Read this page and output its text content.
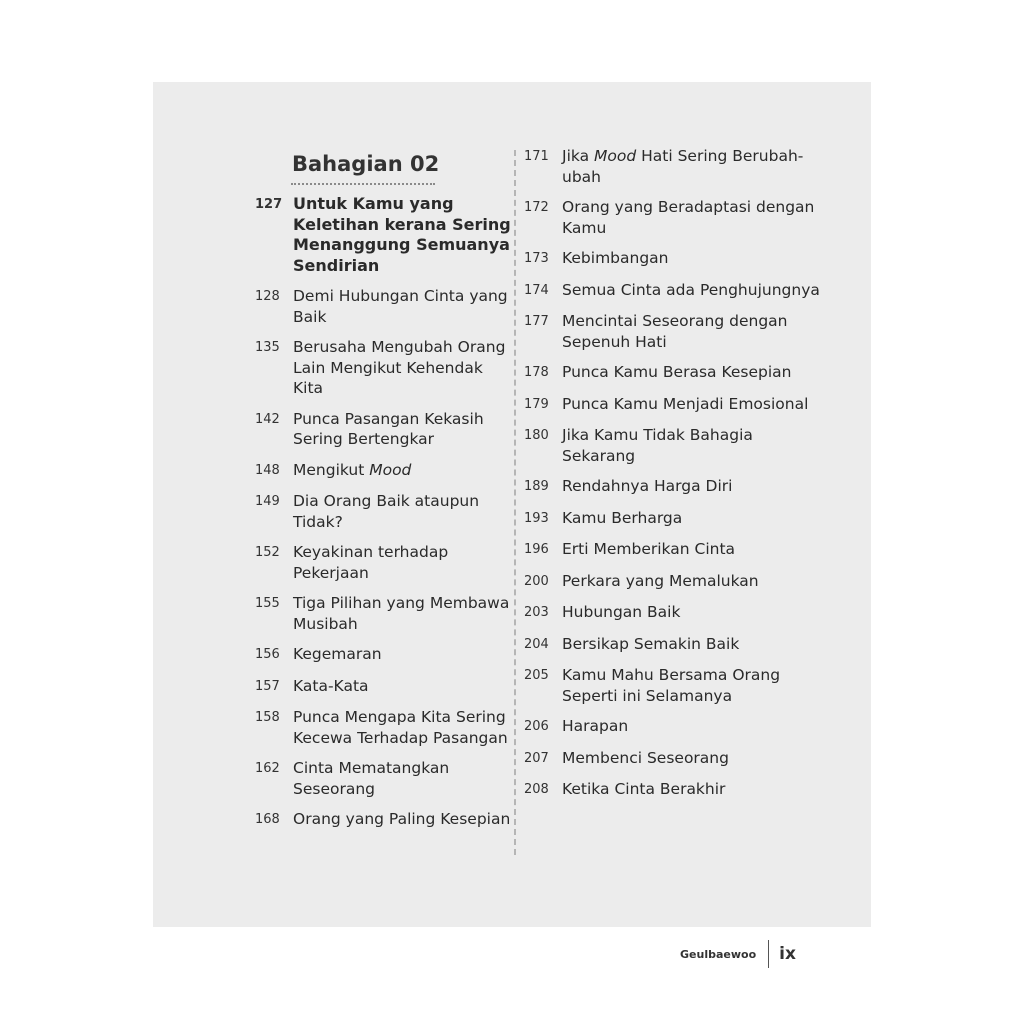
Bahagian 02
127 Untuk Kamu yang Keletihan kerana Sering Menanggung Semuanya Sendirian
128 Demi Hubungan Cinta yang Baik
135 Berusaha Mengubah Orang Lain Mengikut Kehendak Kita
142 Punca Pasangan Kekasih Sering Bertengkar
148 Mengikut Mood
149 Dia Orang Baik ataupun Tidak?
152 Keyakinan terhadap Pekerjaan
155 Tiga Pilihan yang Membawa Musibah
156 Kegemaran
157 Kata-Kata
158 Punca Mengapa Kita Sering Kecewa Terhadap Pasangan
162 Cinta Mematangkan Seseorang
168 Orang yang Paling Kesepian
171 Jika Mood Hati Sering Berubah-ubah
172 Orang yang Beradaptasi dengan Kamu
173 Kebimbangan
174 Semua Cinta ada Penghujungnya
177 Mencintai Seseorang dengan Sepenuh Hati
178 Punca Kamu Berasa Kesepian
179 Punca Kamu Menjadi Emosional
180 Jika Kamu Tidak Bahagia Sekarang
189 Rendahnya Harga Diri
193 Kamu Berharga
196 Erti Memberikan Cinta
200 Perkara yang Memalukan
203 Hubungan Baik
204 Bersikap Semakin Baik
205 Kamu Mahu Bersama Orang Seperti ini Selamanya
206 Harapan
207 Membenci Seseorang
208 Ketika Cinta Berakhir
Geulbaewoo ix
